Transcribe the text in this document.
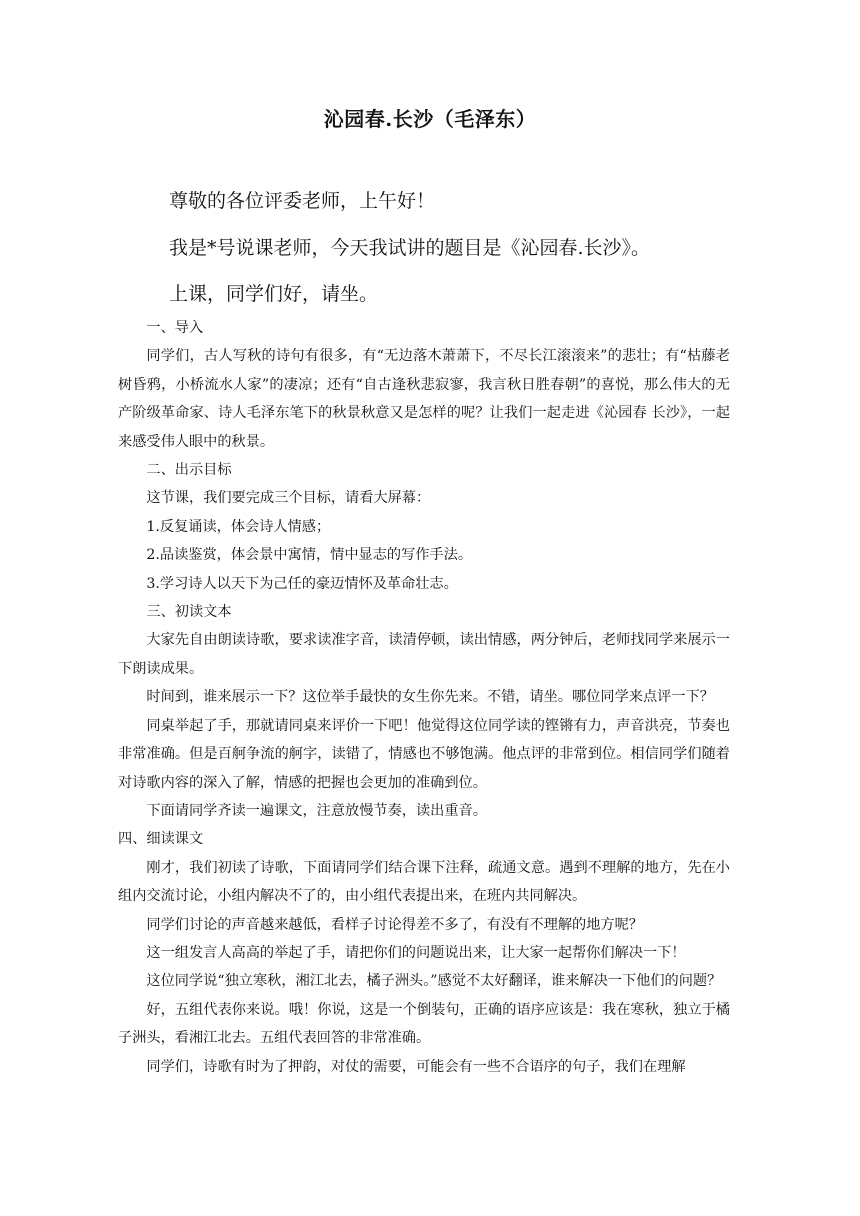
沁园春.长沙（毛泽东）
尊敬的各位评委老师，上午好！
我是*号说课老师，今天我试讲的题目是《沁园春.长沙》。
上课，同学们好，请坐。

一、导入

同学们，古人写秋的诗句有很多，有“无边落木萧萧下，不尽长江滚滚来”的悲壮；有“枯藤老树昏鸦，小桥流水人家”的凄凉；还有“自古逢秋悲寂寥，我言秋日胜春朝”的喜悦，那么伟大的无产阶级革命家、诗人毛泽东笔下的秋景秋意又是怎样的呢？让我们一起走进《沁园春 长沙》，一起来感受伟人眼中的秋景。

二、出示目标

这节课，我们要完成三个目标，请看大屏幕：

1.反复诵读，体会诗人情感；

2.品读鉴赏，体会景中寓情，情中显志的写作手法。

3.学习诗人以天下为己任的豪迈情怀及革命壮志。

三、初读文本

大家先自由朗读诗歌，要求读准字音，读清停顿，读出情感，两分钟后，老师找同学来展示一下朗读成果。

时间到，谁来展示一下？这位举手最快的女生你先来。不错，请坐。哪位同学来点评一下？

同桌举起了手，那就请同桌来评价一下吧！他觉得这位同学读的铿锵有力，声音洪亮，节奏也非常准确。但是百舸争流的舸字，读错了，情感也不够饱满。他点评的非常到位。相信同学们随着对诗歌内容的深入了解，情感的把握也会更加的准确到位。

下面请同学齐读一遍课文，注意放慢节奏，读出重音。

四、细读课文

刚才，我们初读了诗歌，下面请同学们结合课下注释，疏通文意。遇到不理解的地方，先在小组内交流讨论，小组内解决不了的，由小组代表提出来，在班内共同解决。

同学们讨论的声音越来越低，看样子讨论得差不多了，有没有不理解的地方呢？

这一组发言人高高的举起了手，请把你们的问题说出来，让大家一起帮你们解决一下！

这位同学说“独立寒秋，湘江北去，橘子洲头。”感觉不太好翻译，谁来解决一下他们的问题？

好，五组代表你来说。哦！你说，这是一个倒装句，正确的语序应该是：我在寒秋，独立于橘子洲头，看湘江北去。五组代表回答的非常准确。

同学们，诗歌有时为了押韵，对仗的需要，可能会有一些不合语序的句子，我们在理解
